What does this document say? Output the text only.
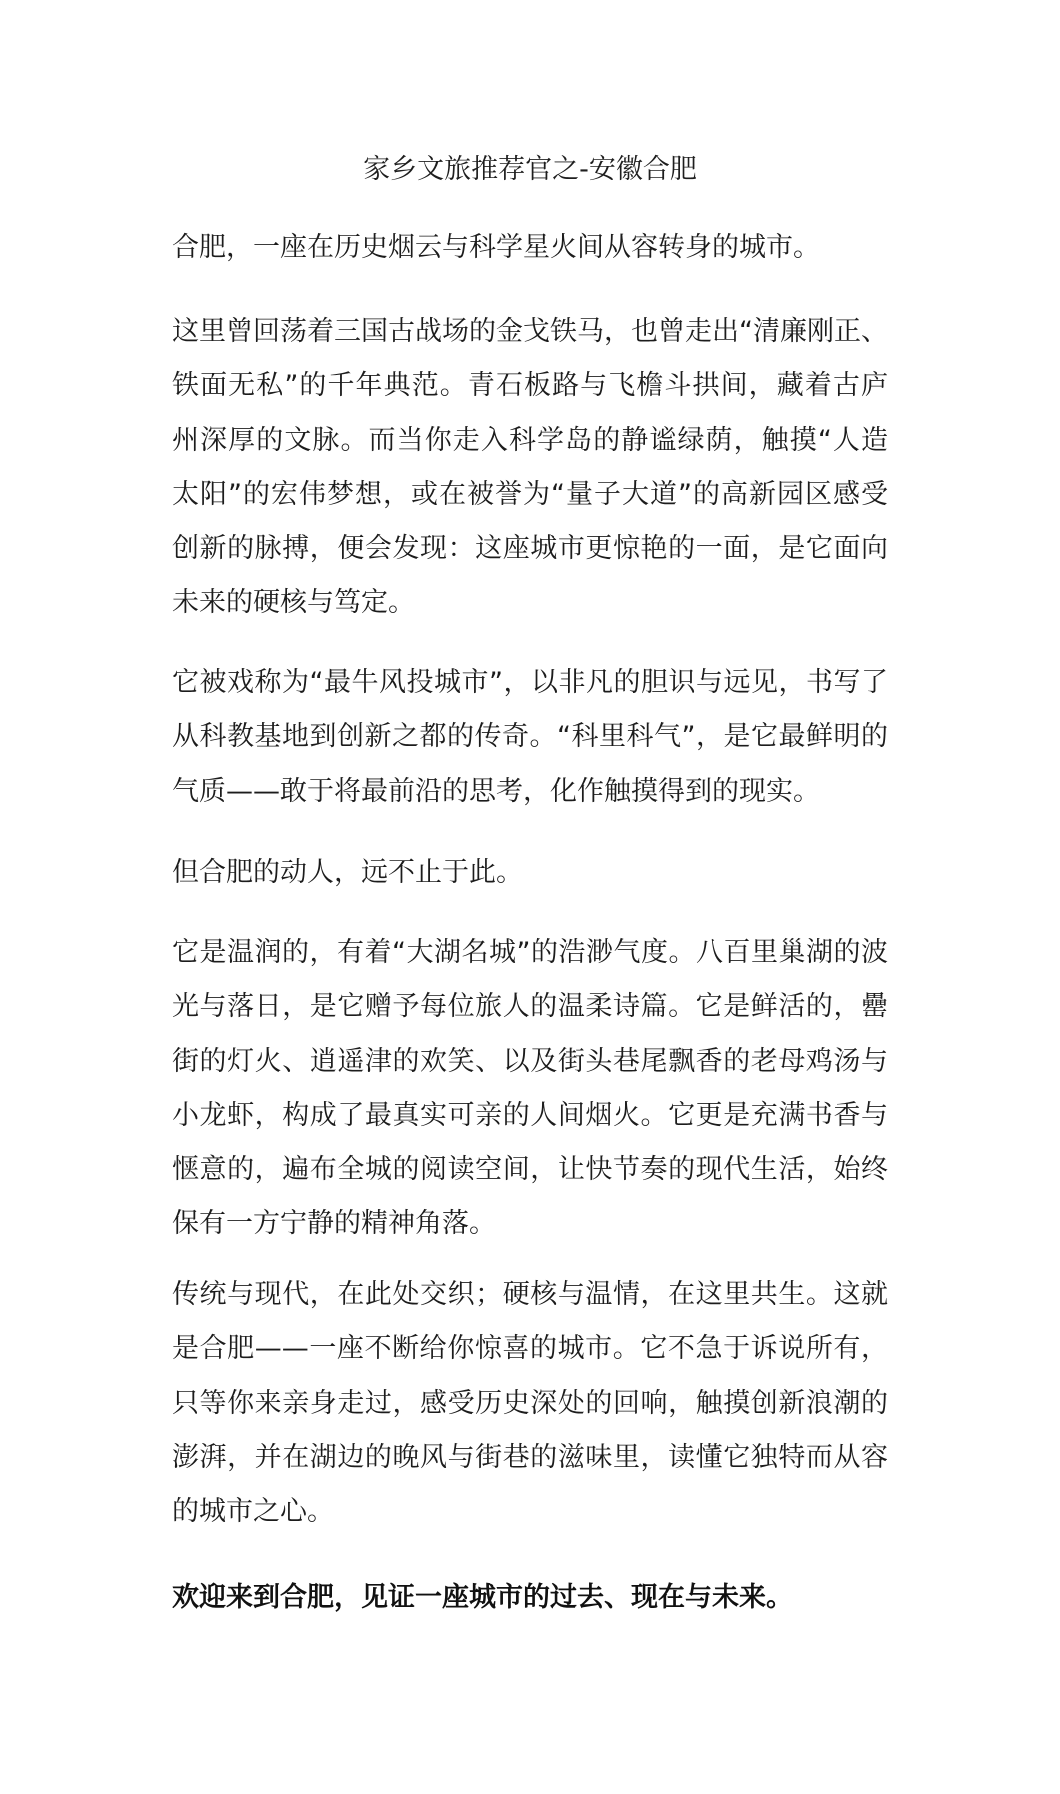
家乡文旅推荐官之-安徽合肥
合肥，一座在历史烟云与科学星火间从容转身的城市。
这里曾回荡着三国古战场的金戈铁马，也曾走出“清廉刚正、
铁面无私”的千年典范。青石板路与飞檐斗拱间，藏着古庐
州深厚的文脉。而当你走入科学岛的静谧绿荫，触摸“人造
太阳”的宏伟梦想，或在被誉为“量子大道”的高新园区感受
创新的脉搏，便会发现：这座城市更惊艳的一面，是它面向
未来的硬核与笃定。
它被戏称为“最牛风投城市”，以非凡的胆识与远见，书写了
从科教基地到创新之都的传奇。“科里科气”，是它最鲜明的
气质——敢于将最前沿的思考，化作触摸得到的现实。
但合肥的动人，远不止于此。
它是温润的，有着“大湖名城”的浩渺气度。八百里巢湖的波
光与落日，是它赠予每位旅人的温柔诗篇。它是鲜活的，罍
街的灯火、逍遥津的欢笑、以及街头巷尾飘香的老母鸡汤与
小龙虾，构成了最真实可亲的人间烟火。它更是充满书香与
惬意的，遍布全城的阅读空间，让快节奏的现代生活，始终
保有一方宁静的精神角落。
传统与现代，在此处交织；硬核与温情，在这里共生。这就
是合肥——一座不断给你惊喜的城市。它不急于诉说所有，
只等你来亲身走过，感受历史深处的回响，触摸创新浪潮的
澎湃，并在湖边的晚风与街巷的滋味里，读懂它独特而从容
的城市之心。
欢迎来到合肥，见证一座城市的过去、现在与未来。
